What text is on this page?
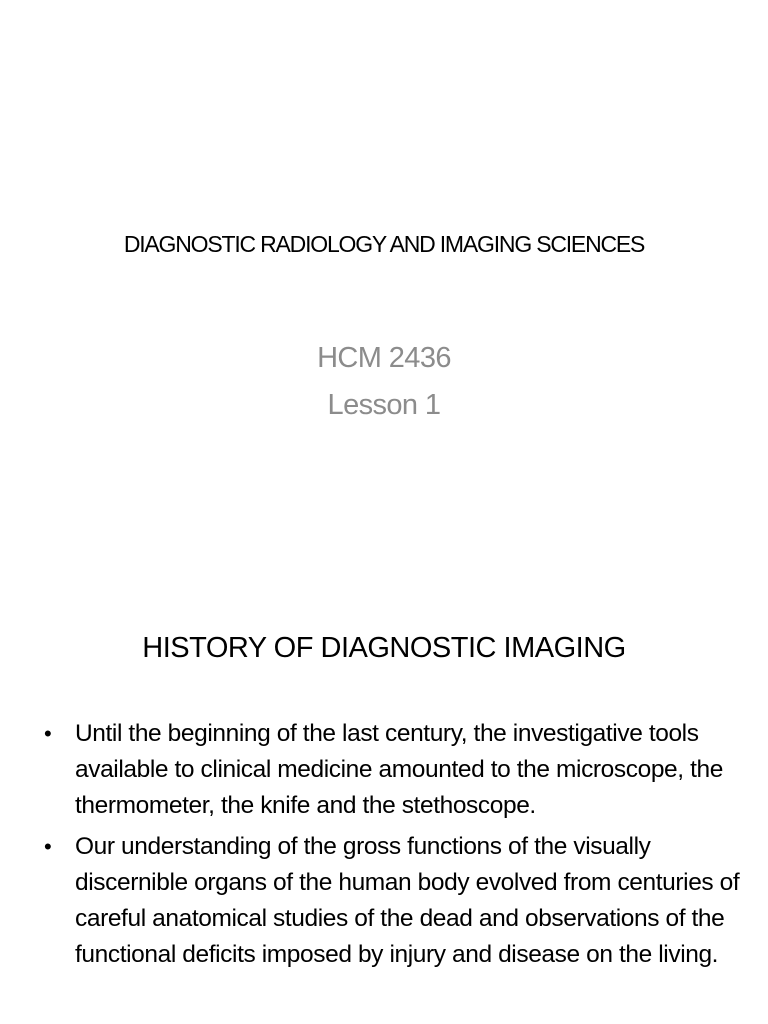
DIAGNOSTIC RADIOLOGY AND IMAGING SCIENCES
HCM 2436
Lesson 1
HISTORY OF DIAGNOSTIC IMAGING
• Until the beginning of the last century, the investigative tools available to clinical medicine amounted to the microscope, the thermometer, the knife and the stethoscope.
• Our understanding of the gross functions of the visually discernible organs of the human body evolved from centuries of careful anatomical studies of the dead and observations of the functional deficits imposed by injury and disease on the living.
